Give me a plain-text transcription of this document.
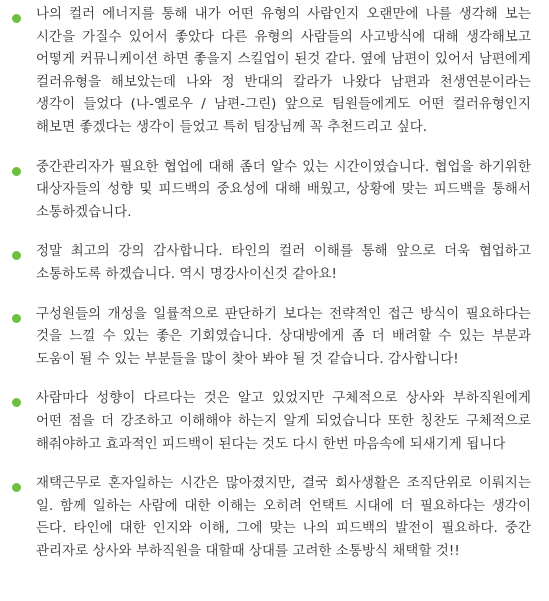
나의 컬러 에너지를 통해 내가 어떤 유형의 사람인지 오랜만에 나를 생각해 보는 시간을 가질수 있어서 좋았다 다른 유형의 사람들의 사고방식에 대해 생각해보고 어떻게 커뮤니케이션 하면 좋을지 스킬업이 된것 같다. 옆에 남편이 있어서 남편에게 컬러유형을 해보았는데 나와 정 반대의 칼라가 나왔다 남편과 천생연분이라는 생각이 들었다 (나-옐로우 / 남편-그린) 앞으로 팀원들에게도 어떤 컬러유형인지 해보면 좋겠다는 생각이 들었고 특히 팀장님께 꼭 추천드리고 싶다.

중간관리자가 필요한 협업에 대해 좀더 알수 있는 시간이였습니다. 협업을 하기위한 대상자들의 성향 및 피드백의 중요성에 대해 배웠고, 상황에 맞는 피드백을 통해서 소통하겠습니다.

정말 최고의 강의 감사합니다. 타인의 컬러 이해를 통해 앞으로 더욱 협업하고 소통하도록 하겠습니다. 역시 명강사이신것 같아요!

구성원들의 개성을 일률적으로 판단하기 보다는 전략적인 접근 방식이 필요하다는 것을 느낄 수 있는 좋은 기회였습니다. 상대방에게 좀 더 배려할 수 있는 부분과 도움이 될 수 있는 부분들을 많이 찾아 봐야 될 것 같습니다. 감사합니다!

사람마다 성향이 다르다는 것은 알고 있었지만 구체적으로 상사와 부하직원에게 어떤 점을 더 강조하고 이해해야 하는지 알게 되었습니다 또한 칭찬도 구체적으로 해줘야하고 효과적인 피드백이 된다는 것도 다시 한번 마음속에 되새기게 됩니다

재택근무로 혼자일하는 시간은 많아졌지만, 결국 회사생활은 조직단위로 이뤄지는 일. 함께 일하는 사람에 대한 이해는 오히려 언택트 시대에 더 필요하다는 생각이 든다. 타인에 대한 인지와 이해, 그에 맞는 나의 피드백의 발전이 필요하다. 중간 관리자로 상사와 부하직원을 대할때 상대를 고려한 소통방식 채택할 것!!
